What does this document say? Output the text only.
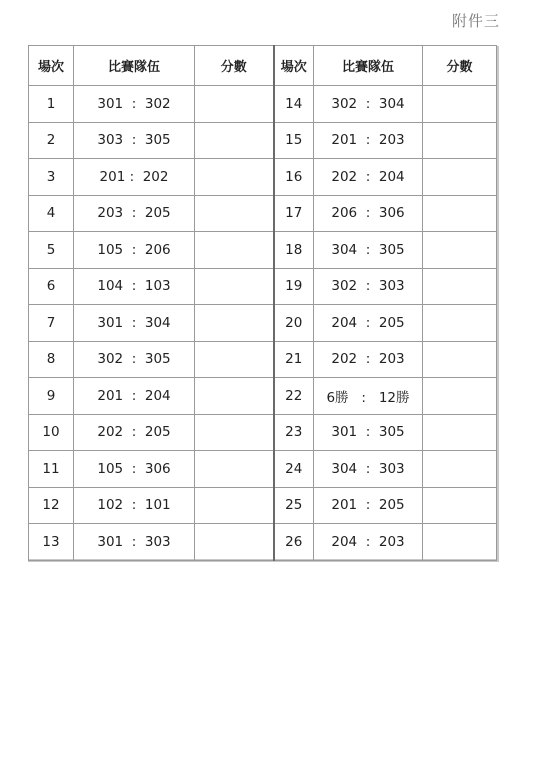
附件三
場次	比賽隊伍	分數	場次	比賽隊伍	分數
1	301  :  302		14	302  :  304	
2	303  :  305		15	201  :  203	
3	201 :  202		16	202  :  204	
4	203  :  205		17	206  :  306	
5	105  :  206		18	304  :  305	
6	104  :  103		19	302  :  303	
7	301  :  304		20	204  :  205	
8	302  :  305		21	202  :  203	
9	201  :  204		22	6勝   :   12勝	
10	202  :  205		23	301  :  305	
11	105  :  306		24	304  :  303	
12	102  :  101		25	201  :  205	
13	301  :  303		26	204  :  203	
